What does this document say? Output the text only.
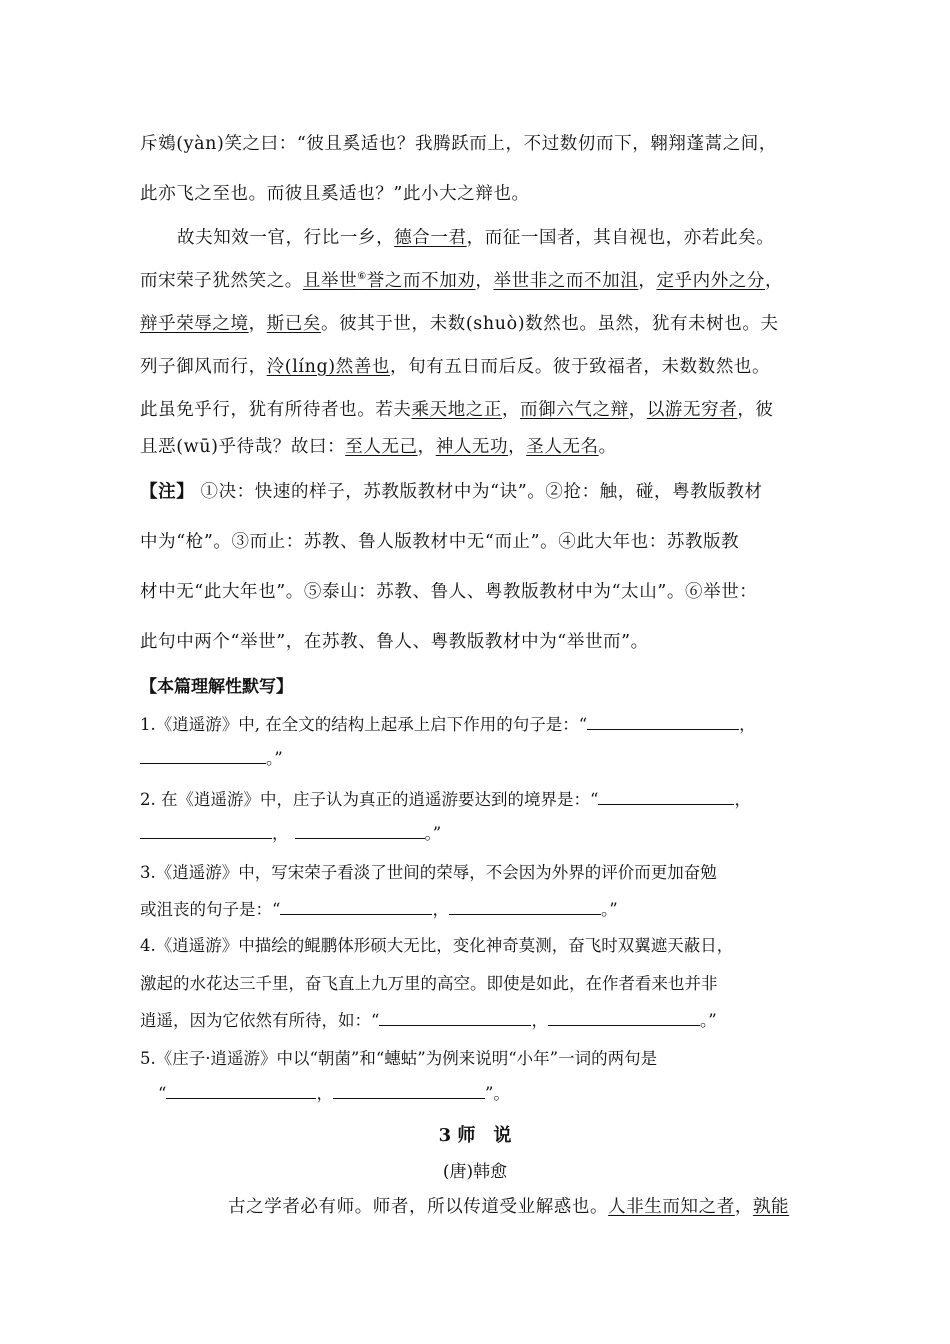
斥鴳(yàn)笑之曰：“彼且奚适也？我腾跃而上，不过数仞而下，翱翔蓬蒿之间，
此亦飞之至也。而彼且奚适也？”此小大之辩也。
故夫知效一官，行比一乡，德合一君，而征一国者，其自视也，亦若此矣。
而宋荣子犹然笑之。且举世⑥誉之而不加劝，举世非之而不加沮，定乎内外之分，
辩乎荣辱之境，斯已矣。彼其于世，未数(shuò)数然也。虽然，犹有未树也。夫
列子御风而行，泠(líng)然善也，旬有五日而后反。彼于致福者，未数数然也。
此虽免乎行，犹有所待者也。若夫乘天地之正，而御六气之辩，以游无穷者，彼
且恶(wū)乎待哉？故曰：至人无己，神人无功，圣人无名。
【注】 ①决：快速的样子，苏教版教材中为“诀”。②抢：触，碰，粤教版教材
中为“枪”。③而止：苏教、鲁人版教材中无“而止”。④此大年也：苏教版教
材中无“此大年也”。⑤泰山：苏教、鲁人、粤教版教材中为“太山”。⑥举世：
此句中两个“举世”，在苏教、鲁人、粤教版教材中为“举世而”。
【本篇理解性默写】
1.《逍遥游》中, 在全文的结构上起承上启下作用的句子是：“	，
。”
2. 在《逍遥游》中，庄子认为真正的逍遥游要达到的境界是：“	，
，	。”
3.《逍遥游》中，写宋荣子看淡了世间的荣辱，不会因为外界的评价而更加奋勉
或沮丧的句子是：“	，	。”
4.《逍遥游》中描绘的鲲鹏体形硕大无比，变化神奇莫测，奋飞时双翼遮天蔽日，
激起的水花达三千里，奋飞直上九万里的高空。即使是如此，在作者看来也并非
逍遥，因为它依然有所待，如：“	，	。”
5.《庄子·逍遥游》中以“朝菌”和“蟪蛄”为例来说明“小年”一词的两句是
“	，	”。
3 师　说
(唐)韩愈
古之学者必有师。师者，所以传道受业解惑也。人非生而知之者，孰能
